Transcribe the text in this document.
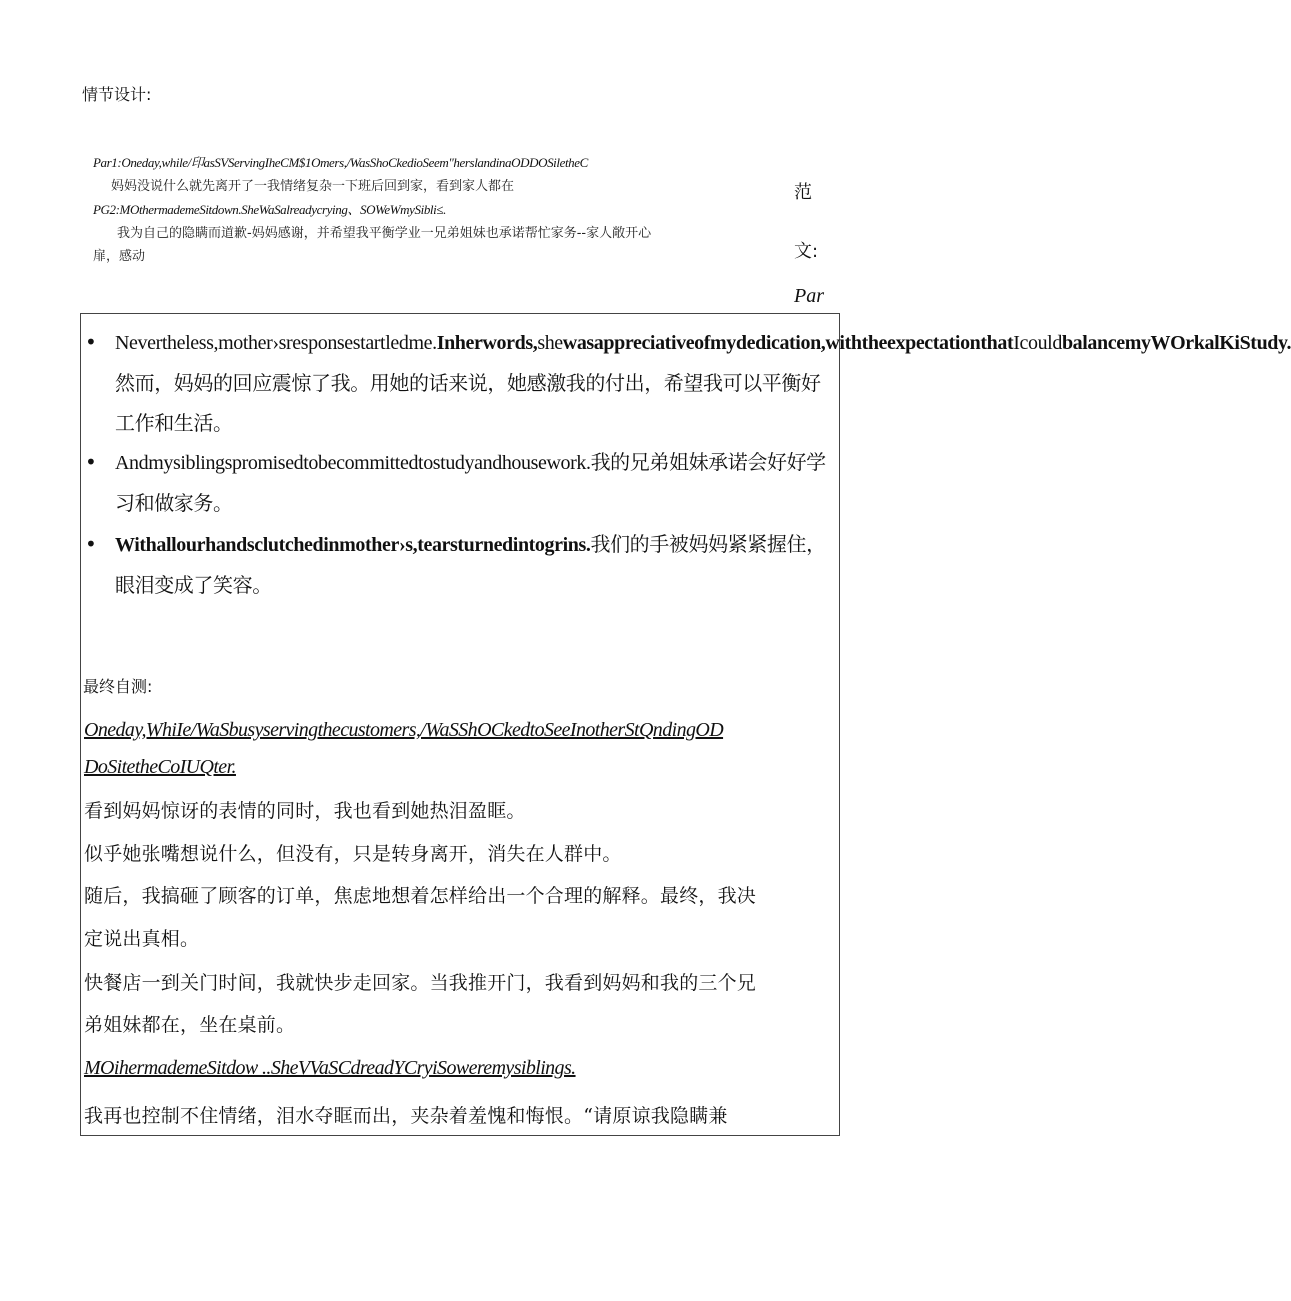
情节设计:
Par1:Oneday,while/印asSVServingIheCM$1Omers,/WasShoCkedioSeem"herslandinaODDOSilethеC
妈妈没说什么就先离开了一我情绪复杂一下班后回到家，看到家人都在
PG2:MOthermademeSitdown.SheWaSalreadycrying、SOWeWmySibli≤.
我为自己的隐瞒而道歉-妈妈感谢，并希望我平衡学业一兄弟姐妹也承诺帮忙家务--家人敞开心
扉，感动
范
文:
Par
• Nevertheless,mother›sresponsestartledme.Inherwords,shewasappreciativeofmydedication,withtheexpectationthatIcouldbalancemyWOrkalKiStudy.然而，妈妈的回应震惊了我。用她的话来说，她感激我的付出，希望我可以平衡好工作和生活。
• Andmysiblingspromisedtobecommittedtostudyandhousework.我的兄弟姐妹承诺会好好学习和做家务。
• Withallourhandsclutchedinmother›s,tearsturnedintogrins.我们的手被妈妈紧紧握住，眼泪变成了笑容。
最终自测:
Oneday,WhiIe/WaSbusyservingthecustomers,/WaSShOCkedtoSeeInotherStQndingOD
DoSitetheCoIUQter.
看到妈妈惊讶的表情的同时，我也看到她热泪盈眶。
似乎她张嘴想说什么，但没有，只是转身离开，消失在人群中。
随后，我搞砸了顾客的订单，焦虑地想着怎样给出一个合理的解释。最终，我决
定说出真相。
快餐店一到关门时间，我就快步走回家。当我推开门，我看到妈妈和我的三个兄
弟姐妹都在，坐在桌前。
MOihermademeSitdow ..SheVVaSCdreadYCryiSoweremysiblings.
我再也控制不住情绪，泪水夺眶而出，夹杂着羞愧和悔恨。“请原谅我隐瞒兼
